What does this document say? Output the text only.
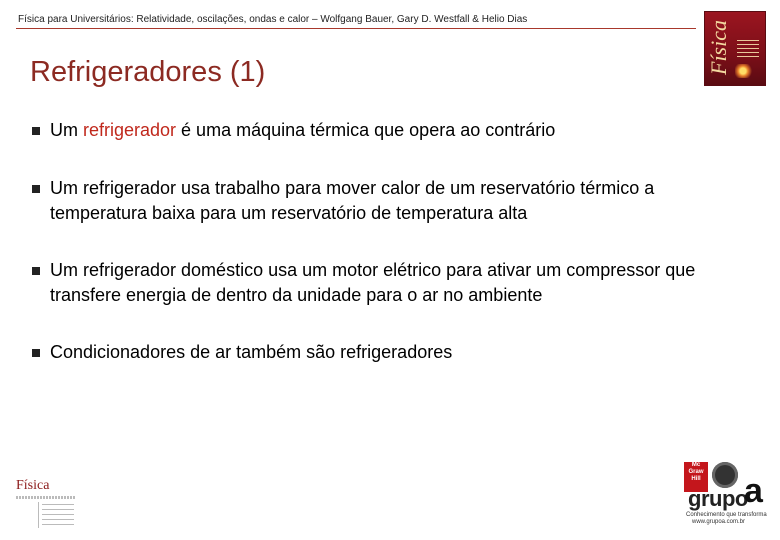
Física para Universitários: Relatividade, oscilações, ondas e calor – Wolfgang Bauer, Gary D. Westfall & Helio Dias
Física
Refrigeradores (1)

Um refrigerador é uma máquina térmica que opera ao contrário

Um refrigerador usa trabalho para mover calor de um reservatório térmico a temperatura baixa para um reservatório de temperatura alta

Um refrigerador doméstico usa um motor elétrico para ativar um compressor que transfere energia de dentro da unidade para o ar no ambiente

Condicionadores de ar também são refrigeradores

Física
Mc Graw Hill
grupo
a
Conhecimento que transforma
www.grupoa.com.br
